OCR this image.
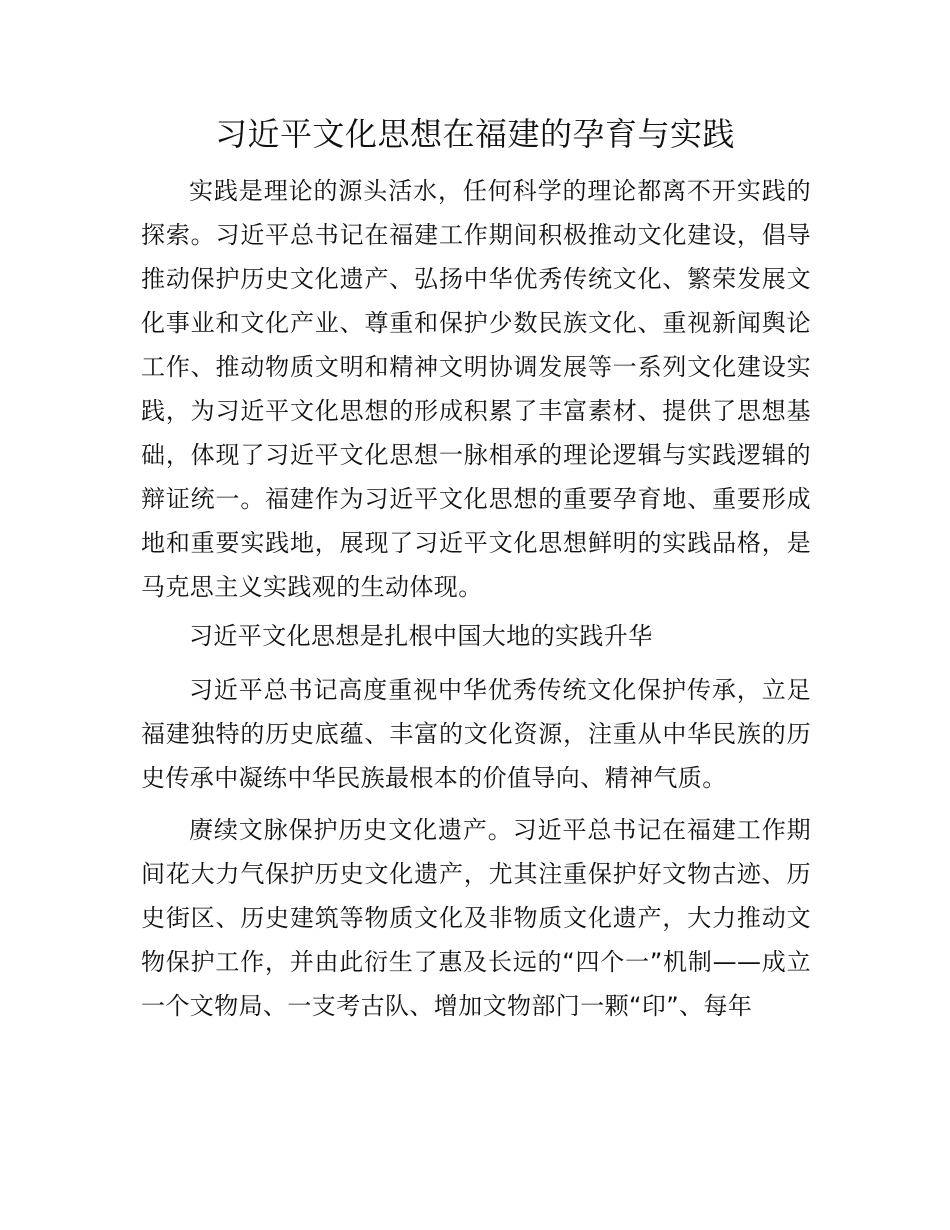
习近平文化思想在福建的孕育与实践

实践是理论的源头活水，任何科学的理论都离不开实践的探索。习近平总书记在福建工作期间积极推动文化建设，倡导推动保护历史文化遗产、弘扬中华优秀传统文化、繁荣发展文化事业和文化产业、尊重和保护少数民族文化、重视新闻舆论工作、推动物质文明和精神文明协调发展等一系列文化建设实践，为习近平文化思想的形成积累了丰富素材、提供了思想基础，体现了习近平文化思想一脉相承的理论逻辑与实践逻辑的辩证统一。福建作为习近平文化思想的重要孕育地、重要形成地和重要实践地，展现了习近平文化思想鲜明的实践品格，是马克思主义实践观的生动体现。

习近平文化思想是扎根中国大地的实践升华

习近平总书记高度重视中华优秀传统文化保护传承，立足福建独特的历史底蕴、丰富的文化资源，注重从中华民族的历史传承中凝练中华民族最根本的价值导向、精神气质。

赓续文脉保护历史文化遗产。习近平总书记在福建工作期间花大力气保护历史文化遗产，尤其注重保护好文物古迹、历史街区、历史建筑等物质文化及非物质文化遗产，大力推动文物保护工作，并由此衍生了惠及长远的“四个一”机制——成立一个文物局、一支考古队、增加文物部门一颗“印”、每年
